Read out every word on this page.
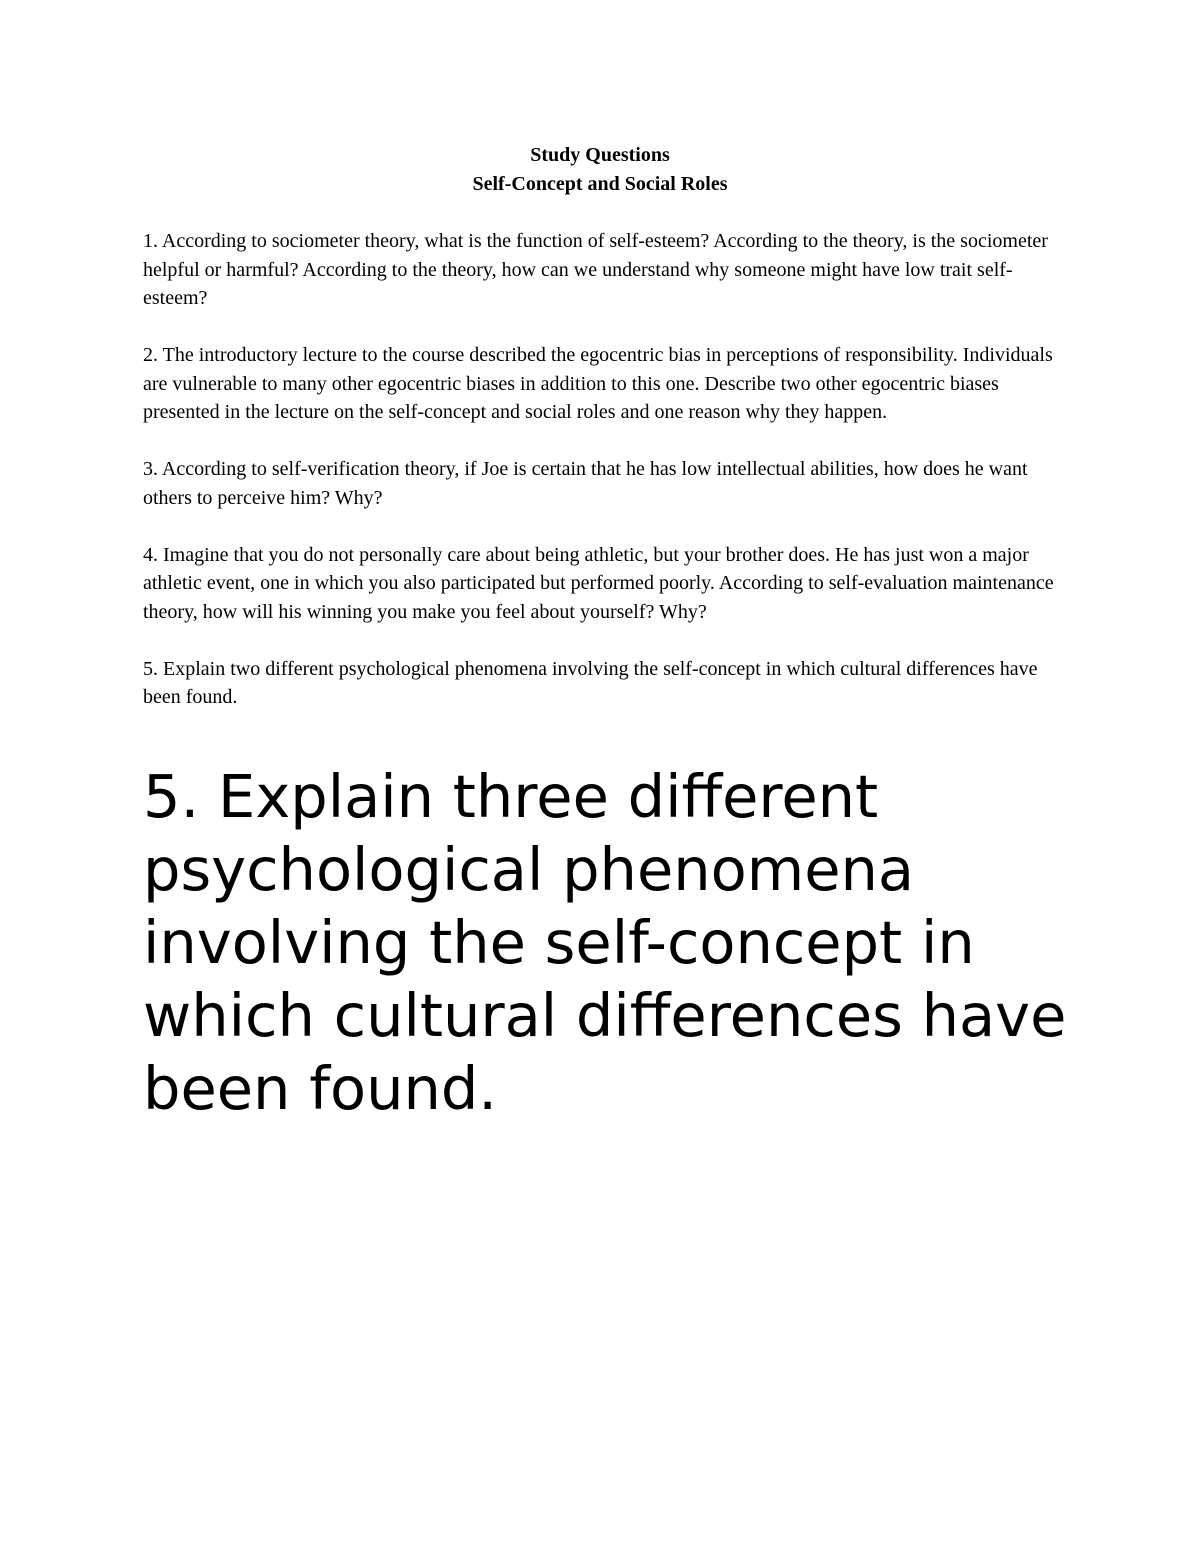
Study Questions
Self-Concept and Social Roles

1. According to sociometer theory, what is the function of self-esteem? According to the theory, is the sociometer helpful or harmful? According to the theory, how can we understand why someone might have low trait self-esteem?

2. The introductory lecture to the course described the egocentric bias in perceptions of responsibility. Individuals are vulnerable to many other egocentric biases in addition to this one. Describe two other egocentric biases presented in the lecture on the self-concept and social roles and one reason why they happen.

3. According to self-verification theory, if Joe is certain that he has low intellectual abilities, how does he want others to perceive him? Why?

4. Imagine that you do not personally care about being athletic, but your brother does. He has just won a major athletic event, one in which you also participated but performed poorly. According to self-evaluation maintenance theory, how will his winning you make you feel about yourself? Why?

5. Explain two different psychological phenomena involving the self-concept in which cultural differences have been found.

5. Explain three different psychological phenomena involving the self-concept in which cultural differences have been found.
